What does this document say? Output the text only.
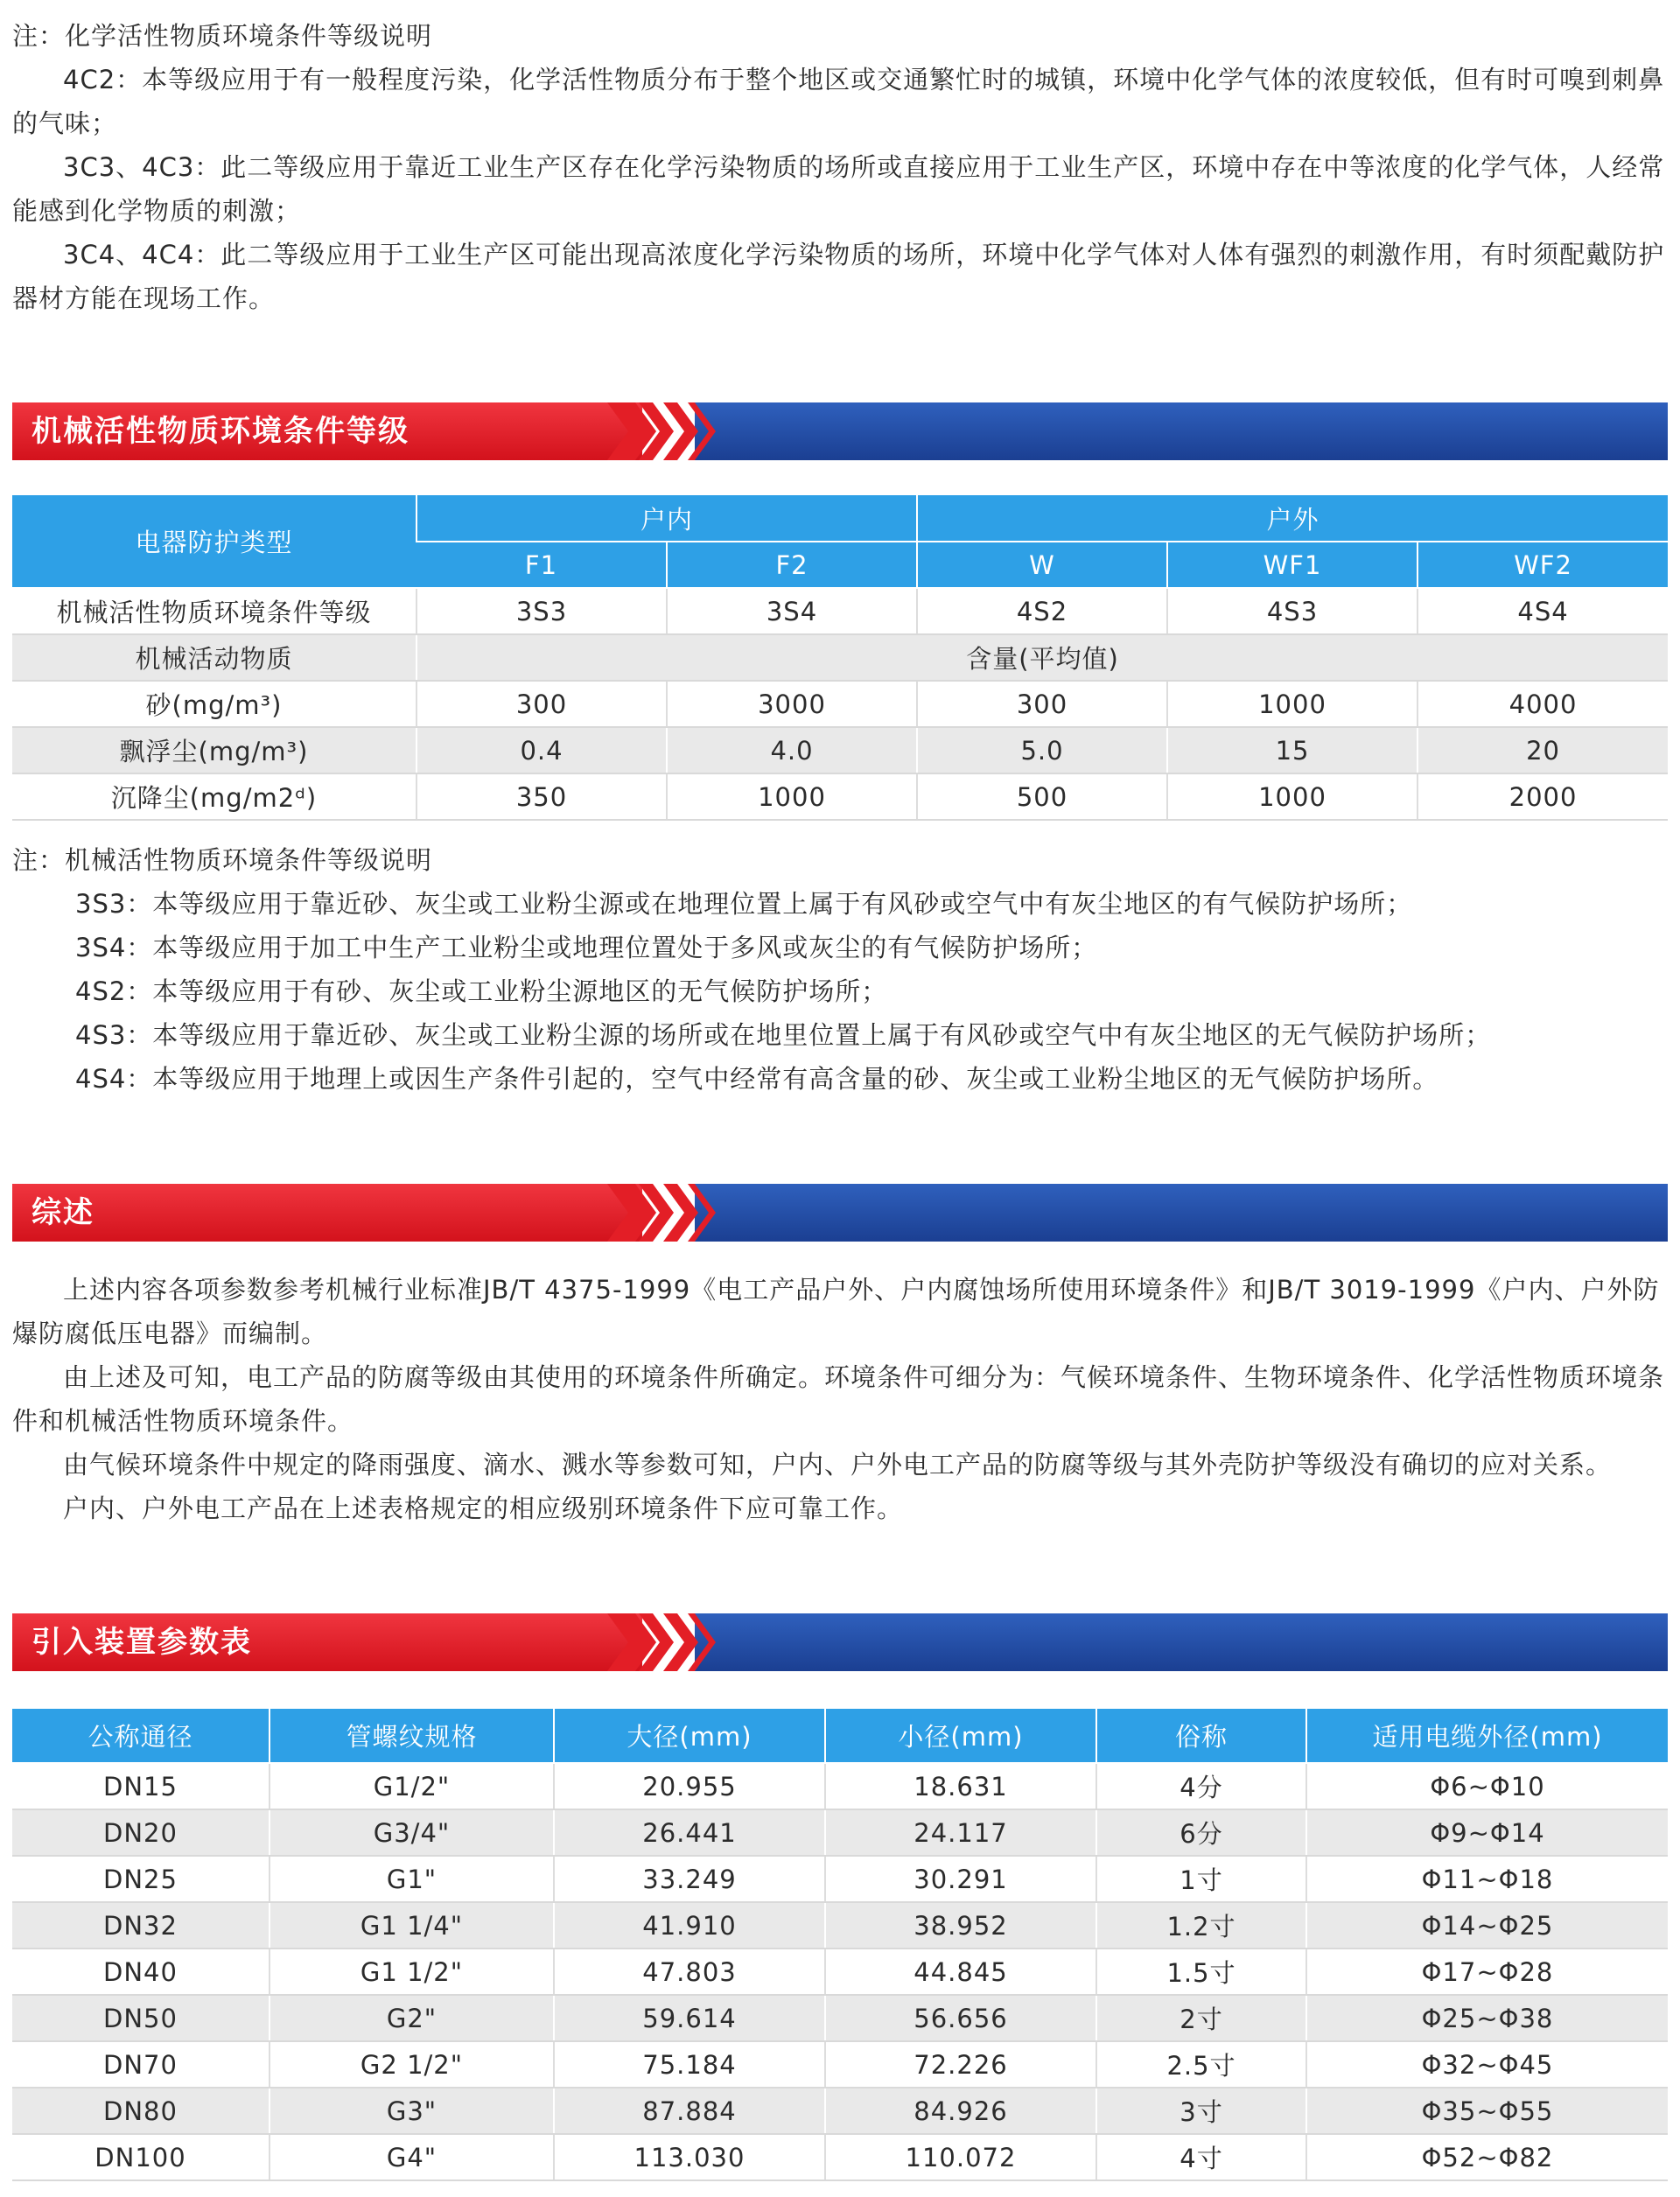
注：化学活性物质环境条件等级说明

4C2：本等级应用于有一般程度污染，化学活性物质分布于整个地区或交通繁忙时的城镇，环境中化学气体的浓度较低，但有时可嗅到刺鼻的气味；

3C3、4C3：此二等级应用于靠近工业生产区存在化学污染物质的场所或直接应用于工业生产区，环境中存在中等浓度的化学气体，人经常能感到化学物质的刺激；

3C4、4C4：此二等级应用于工业生产区可能出现高浓度化学污染物质的场所，环境中化学气体对人体有强烈的刺激作用，有时须配戴防护器材方能在现场工作。

机械活性物质环境条件等级
电器防护类型	户内		户外		
	F1	F2	W	WF1	WF2
机械活性物质环境条件等级	3S3	3S4	4S2	4S3	4S4
机械活动物质	含量(平均值)				
砂(mg/m³)	300	3000	300	1000	4000
飘浮尘(mg/m³)	0.4	4.0	5.0	15	20
沉降尘(mg/m2ᵈ)	350	1000	500	1000	2000

注：机械活性物质环境条件等级说明

3S3：本等级应用于靠近砂、灰尘或工业粉尘源或在地理位置上属于有风砂或空气中有灰尘地区的有气候防护场所；

3S4：本等级应用于加工中生产工业粉尘或地理位置处于多风或灰尘的有气候防护场所；

4S2：本等级应用于有砂、灰尘或工业粉尘源地区的无气候防护场所；

4S3：本等级应用于靠近砂、灰尘或工业粉尘源的场所或在地里位置上属于有风砂或空气中有灰尘地区的无气候防护场所；

4S4：本等级应用于地理上或因生产条件引起的，空气中经常有高含量的砂、灰尘或工业粉尘地区的无气候防护场所。

综述

上述内容各项参数参考机械行业标准JB/T 4375-1999《电工产品户外、户内腐蚀场所使用环境条件》和JB/T 3019-1999《户内、户外防爆防腐低压电器》而编制。

由上述及可知，电工产品的防腐等级由其使用的环境条件所确定。环境条件可细分为：气候环境条件、生物环境条件、化学活性物质环境条件和机械活性物质环境条件。

由气候环境条件中规定的降雨强度、滴水、溅水等参数可知，户内、户外电工产品的防腐等级与其外壳防护等级没有确切的应对关系。

户内、户外电工产品在上述表格规定的相应级别环境条件下应可靠工作。

引入装置参数表
公称通径	管螺纹规格	大径(mm)	小径(mm)	俗称	适用电缆外径(mm)
DN15	G1/2"	20.955	18.631	4分	Φ6~Φ10
DN20	G3/4"	26.441	24.117	6分	Φ9~Φ14
DN25	G1"	33.249	30.291	1寸	Φ11~Φ18
DN32	G1 1/4"	41.910	38.952	1.2寸	Φ14~Φ25
DN40	G1 1/2"	47.803	44.845	1.5寸	Φ17~Φ28
DN50	G2"	59.614	56.656	2寸	Φ25~Φ38
DN70	G2 1/2"	75.184	72.226	2.5寸	Φ32~Φ45
DN80	G3"	87.884	84.926	3寸	Φ35~Φ55
DN100	G4"	113.030	110.072	4寸	Φ52~Φ82
